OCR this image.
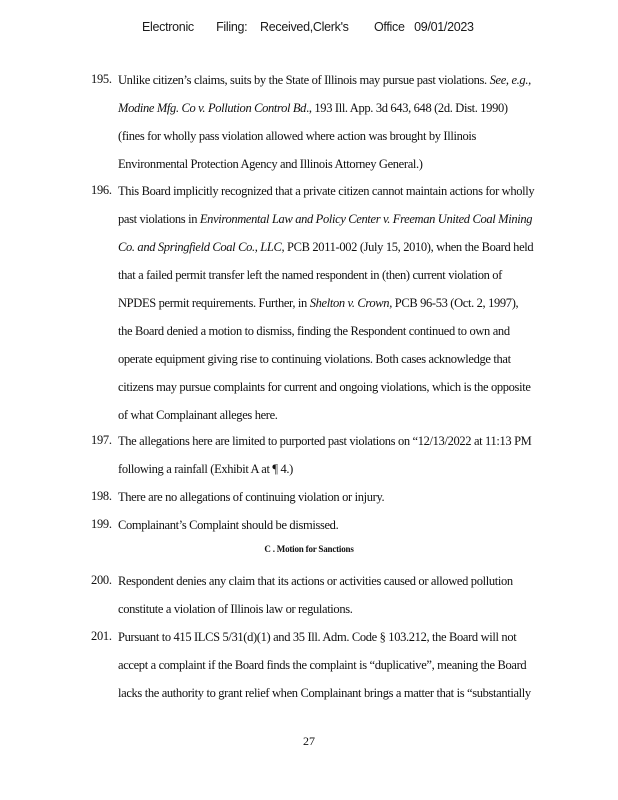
Electronic       Filing:    Received,Clerk's        Office   09/01/2023
195. Unlike citizen’s claims, suits by the State of Illinois may pursue past violations. See, e.g.,
Modine Mfg. Co v. Pollution Control Bd., 193 Ill. App. 3d 643, 648 (2d. Dist. 1990)
(fines for wholly pass violation allowed where action was brought by Illinois
Environmental Protection Agency and Illinois Attorney General.)
196. This Board implicitly recognized that a private citizen cannot maintain actions for wholly
past violations in Environmental Law and Policy Center v. Freeman United Coal Mining
Co. and Springfield Coal Co., LLC, PCB 2011-002 (July 15, 2010), when the Board held
that a failed permit transfer left the named respondent in (then) current violation of
NPDES permit requirements. Further, in Shelton v. Crown, PCB 96-53 (Oct. 2, 1997),
the Board denied a motion to dismiss, finding the Respondent continued to own and
operate equipment giving rise to continuing violations. Both cases acknowledge that
citizens may pursue complaints for current and ongoing violations, which is the opposite
of what Complainant alleges here.
197. The allegations here are limited to purported past violations on “12/13/2022 at 11:13 PM
following a rainfall (Exhibit A at ¶ 4.)
198. There are no allegations of continuing violation or injury.
199. Complainant’s Complaint should be dismissed.
200. Respondent denies any claim that its actions or activities caused or allowed pollution
constitute a violation of Illinois law or regulations.
201. Pursuant to 415 ILCS 5/31(d)(1) and 35 Ill. Adm. Code § 103.212, the Board will not
accept a complaint if the Board finds the complaint is “duplicative”, meaning the Board
lacks the authority to grant relief when Complainant brings a matter that is “substantially
C . Motion for Sanctions
27
